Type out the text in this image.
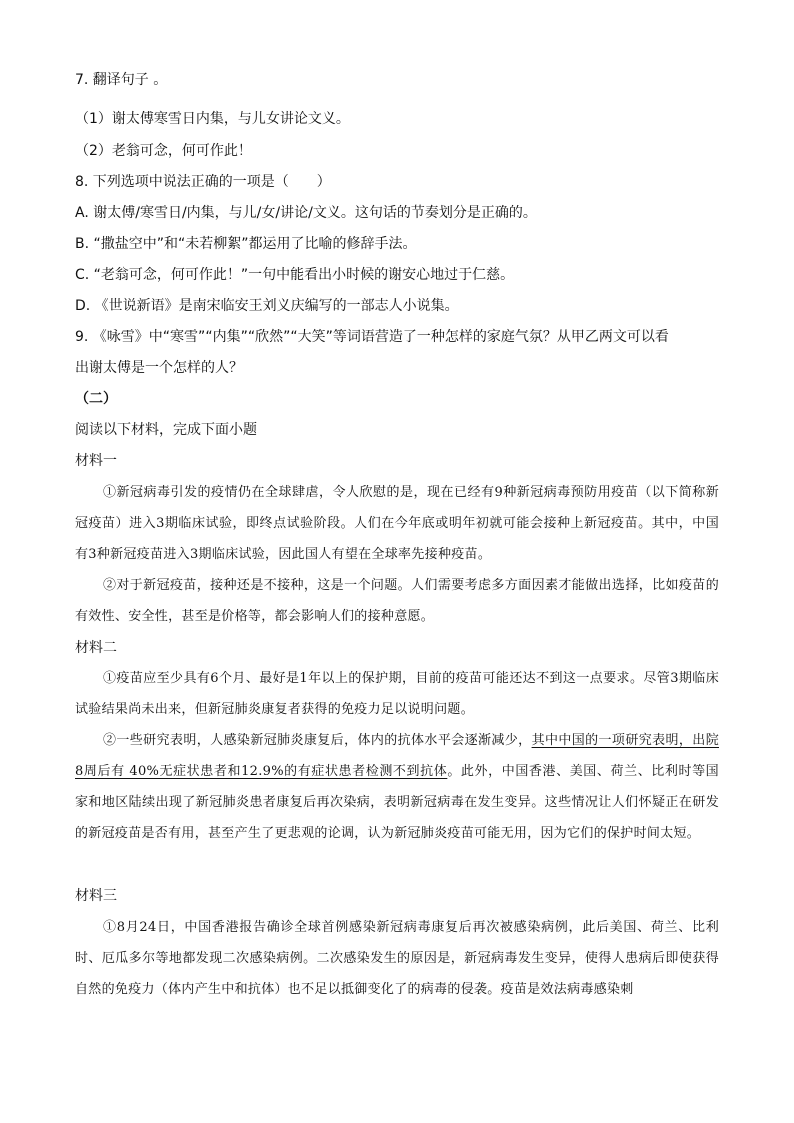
7. 翻译句子 。
（1）谢太傅寒雪日内集，与儿女讲论文义。
（2）老翁可念，何可作此！
8. 下列选项中说法正确的一项是（　　）
A. 谢太傅/寒雪日/内集，与儿/女/讲论/文义。这句话的节奏划分是正确的。
B. “撒盐空中”和“未若柳絮”都运用了比喻的修辞手法。
C. “老翁可念，何可作此！”一句中能看出小时候的谢安心地过于仁慈。
D. 《世说新语》是南宋临安王刘义庆编写的一部志人小说集。
9. 《咏雪》中“寒雪”“内集”“欣然”“大笑”等词语营造了一种怎样的家庭气氛？从甲乙两文可以看
出谢太傅是一个怎样的人？
（二）
阅读以下材料，完成下面小题
材料一
①新冠病毒引发的疫情仍在全球肆虐，令人欣慰的是，现在已经有9种新冠病毒预防用疫苗（以下简称新冠疫苗）进入3期临床试验，即终点试验阶段。人们在今年底或明年初就可能会接种上新冠疫苗。其中，中国有3种新冠疫苗进入3期临床试验，因此国人有望在全球率先接种疫苗。
②对于新冠疫苗，接种还是不接种，这是一个问题。人们需要考虑多方面因素才能做出选择，比如疫苗的有效性、安全性，甚至是价格等，都会影响人们的接种意愿。
材料二
①疫苗应至少具有6个月、最好是1年以上的保护期，目前的疫苗可能还达不到这一点要求。尽管3期临床试验结果尚未出来，但新冠肺炎康复者获得的免疫力足以说明问题。
②一些研究表明，人感染新冠肺炎康复后，体内的抗体水平会逐渐减少，其中中国的一项研究表明，出院8周后有 40%无症状患者和12.9%的有症状患者检测不到抗体。此外，中国香港、美国、荷兰、比利时等国家和地区陆续出现了新冠肺炎患者康复后再次染病，表明新冠病毒在发生变异。这些情况让人们怀疑正在研发的新冠疫苗是否有用，甚至产生了更悲观的论调，认为新冠肺炎疫苗可能无用，因为它们的保护时间太短。
材料三
①8月24日，中国香港报告确诊全球首例感染新冠病毒康复后再次被感染病例，此后美国、荷兰、比利时、厄瓜多尔等地都发现二次感染病例。二次感染发生的原因是，新冠病毒发生变异，使得人患病后即使获得自然的免疫力（体内产生中和抗体）也不足以抵御变化了的病毒的侵袭。疫苗是效法病毒感染刺
